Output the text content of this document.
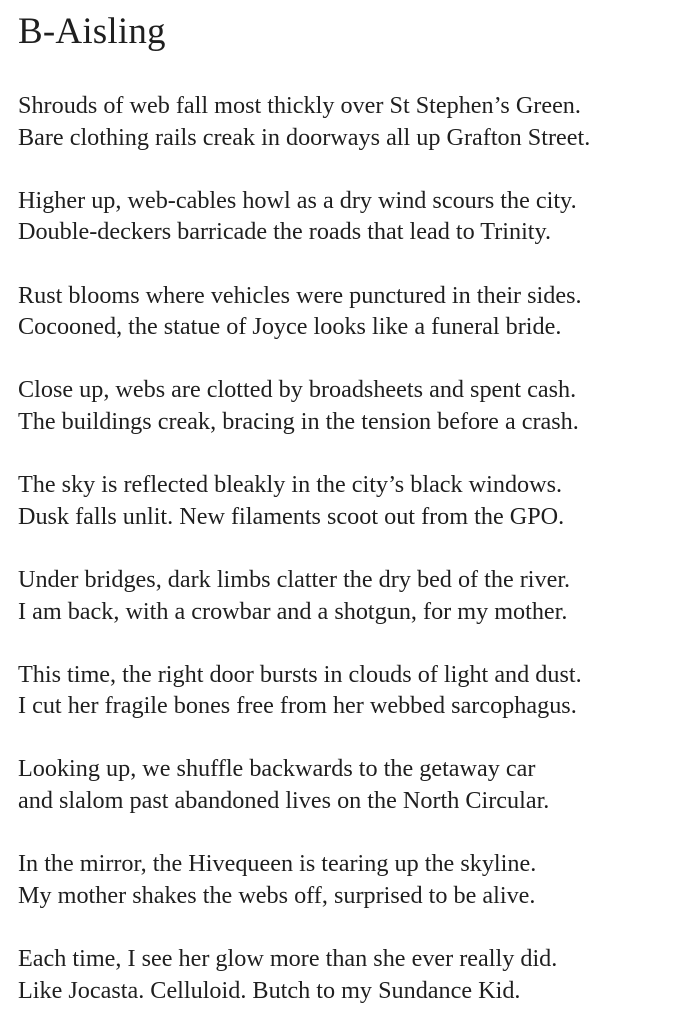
B-Aisling
Shrouds of web fall most thickly over St Stephen’s Green.
Bare clothing rails creak in doorways all up Grafton Street.
Higher up, web-cables howl as a dry wind scours the city.
Double-deckers barricade the roads that lead to Trinity.
Rust blooms where vehicles were punctured in their sides.
Cocooned, the statue of Joyce looks like a funeral bride.
Close up, webs are clotted by broadsheets and spent cash.
The buildings creak, bracing in the tension before a crash.
The sky is reflected bleakly in the city’s black windows.
Dusk falls unlit. New filaments scoot out from the GPO.
Under bridges, dark limbs clatter the dry bed of the river.
I am back, with a crowbar and a shotgun, for my mother.
This time, the right door bursts in clouds of light and dust.
I cut her fragile bones free from her webbed sarcophagus.
Looking up, we shuffle backwards to the getaway car
and slalom past abandoned lives on the North Circular.
In the mirror, the Hivequeen is tearing up the skyline.
My mother shakes the webs off, surprised to be alive.
Each time, I see her glow more than she ever really did.
Like Jocasta. Celluloid. Butch to my Sundance Kid.
